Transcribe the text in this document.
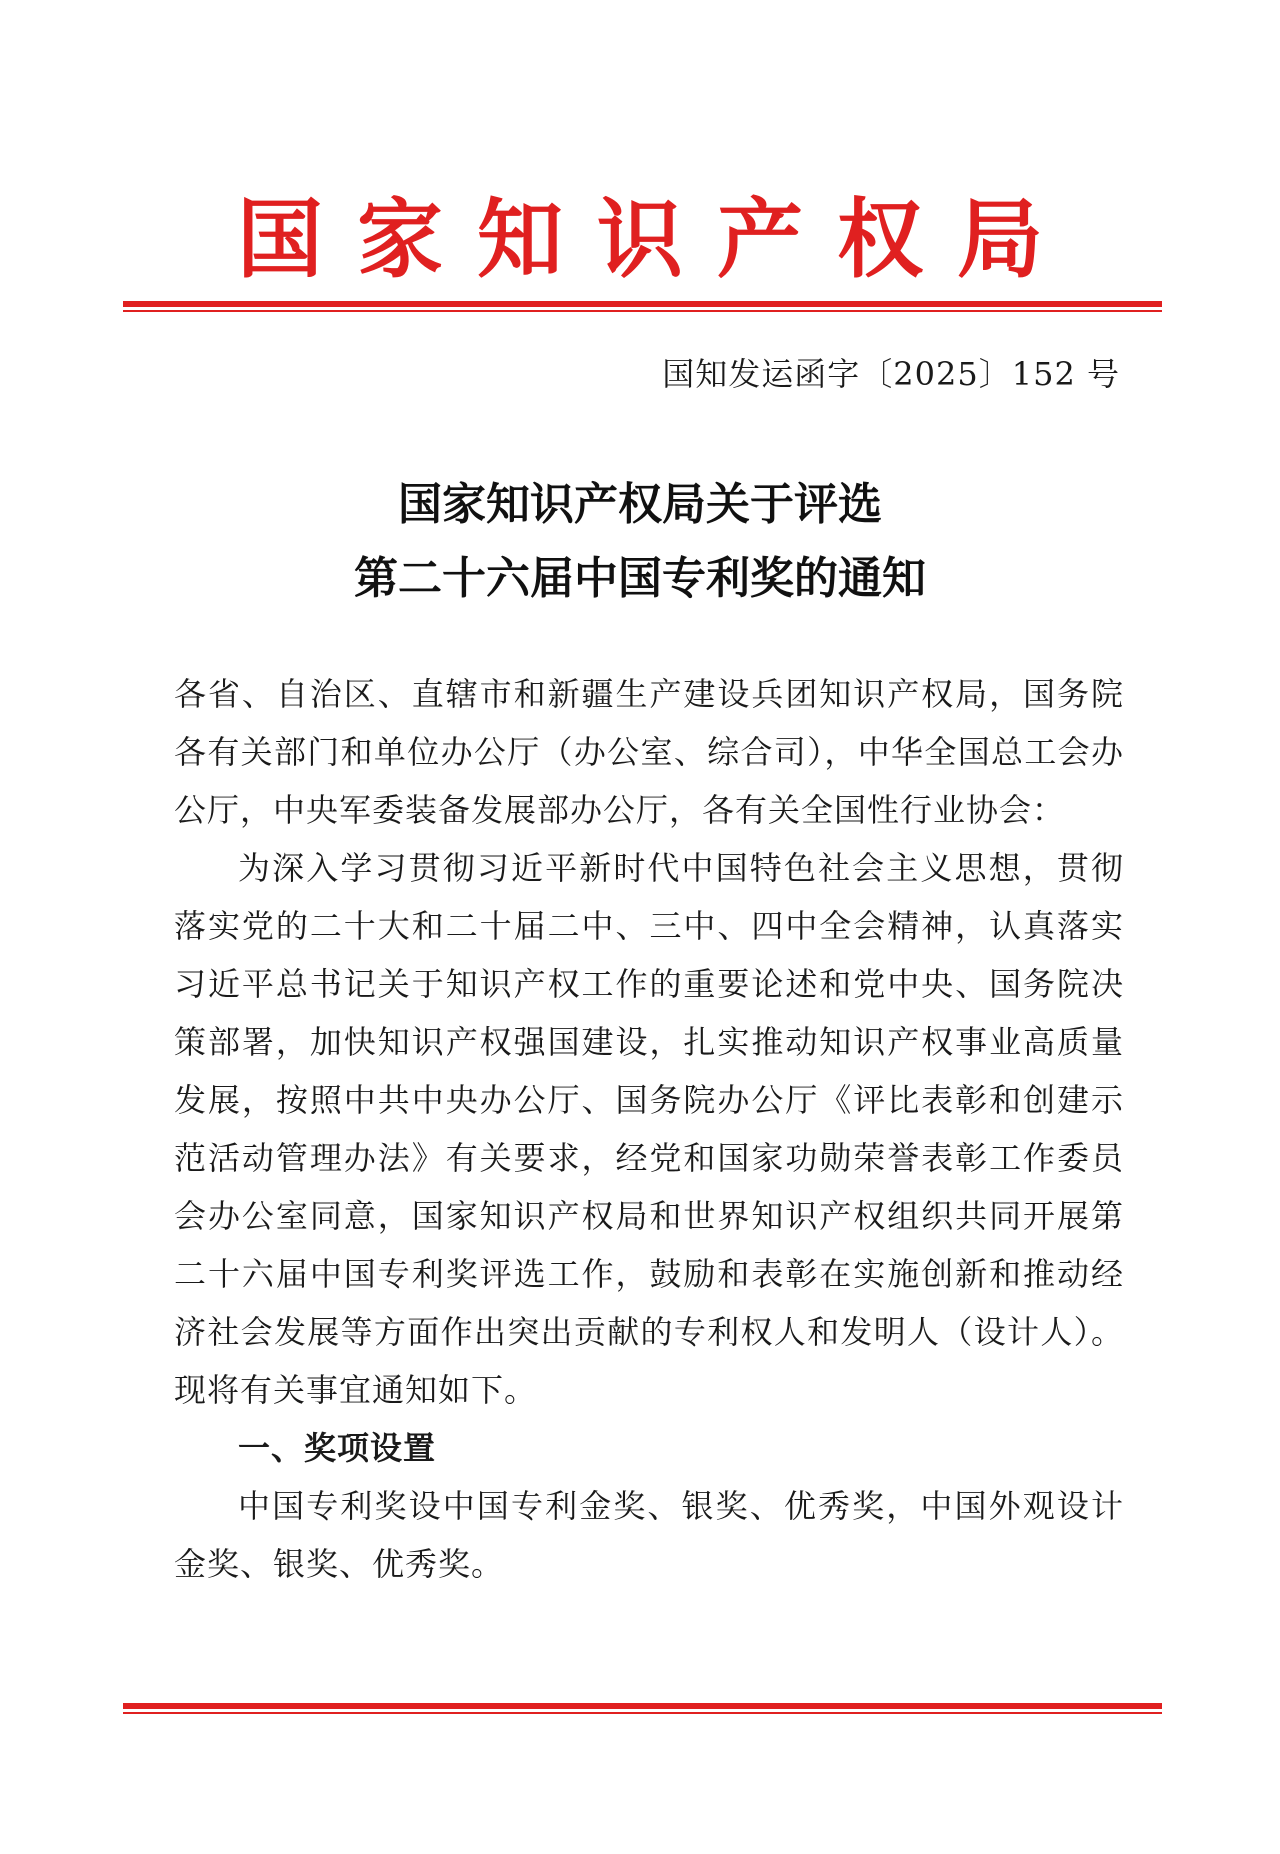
国家知识产权局
国知发运函字〔2025〕152 号
国家知识产权局关于评选
第二十六届中国专利奖的通知

各省、自治区、直辖市和新疆生产建设兵团知识产权局，国务院各有关部门和单位办公厅（办公室、综合司），中华全国总工会办公厅，中央军委装备发展部办公厅，各有关全国性行业协会：

为深入学习贯彻习近平新时代中国特色社会主义思想，贯彻落实党的二十大和二十届二中、三中、四中全会精神，认真落实习近平总书记关于知识产权工作的重要论述和党中央、国务院决策部署，加快知识产权强国建设，扎实推动知识产权事业高质量发展，按照中共中央办公厅、国务院办公厅《评比表彰和创建示范活动管理办法》有关要求，经党和国家功勋荣誉表彰工作委员会办公室同意，国家知识产权局和世界知识产权组织共同开展第二十六届中国专利奖评选工作，鼓励和表彰在实施创新和推动经济社会发展等方面作出突出贡献的专利权人和发明人（设计人）。现将有关事宜通知如下。

一、奖项设置

中国专利奖设中国专利金奖、银奖、优秀奖，中国外观设计金奖、银奖、优秀奖。
